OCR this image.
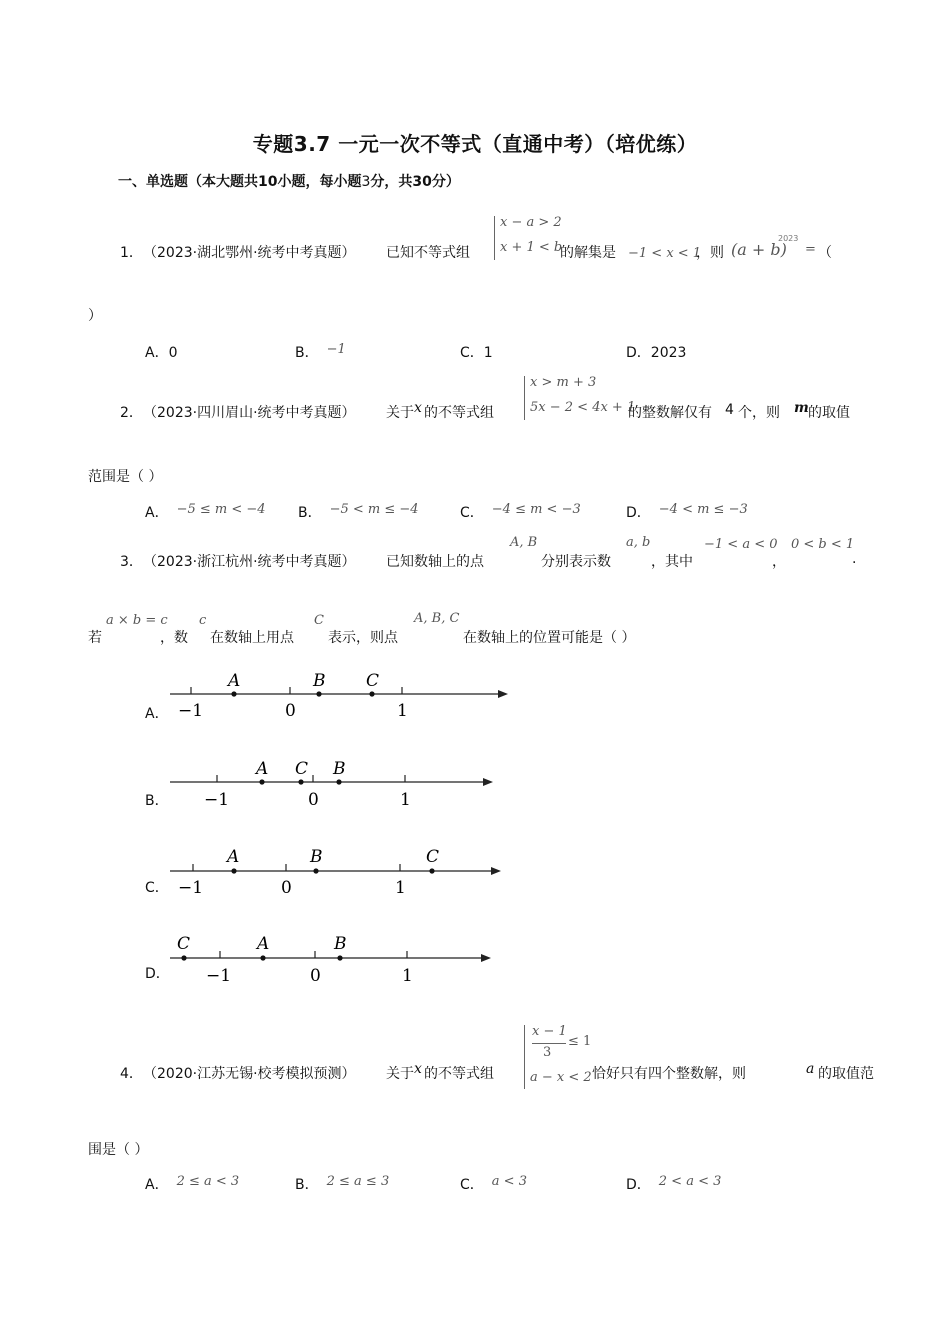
专题3.7 一元一次不等式（直通中考）（培优练）
一、单选题（本大题共10小题，每小题3分，共30分）
1． （2023·湖北鄂州·统考中考真题） 已知不等式组
x − a > 2
x + 1 < b
的解集是 −1 < x < 1
，则 (a + b)
2023
= （
）
A．0	B． −1	C．1	D．2023
2． （2023·四川眉山·统考中考真题） 关于 x 的不等式组
x > m + 3
5x − 2 < 4x + 1
的整数解仅有 4 个，则 m 的取值
范围是（ ）
A． −5 ≤ m < −4 B． −5 < m ≤ −4	C． −4 ≤ m < −3	D． −4 < m ≤ −3
3． （2023·浙江杭州·统考中考真题） 已知数轴上的点
A, B
分别表示数
a, b
，其中
−1 < a < 0
，
0 < b < 1
.
若
a × b = c
，数
c
在数轴上用点
C
表示，则点
A, B, C
在数轴上的位置可能是（ ）
A． −1	0	1
A	B C
B． −1	0	1
A C B
C． −1	0	1
A	B	C
D． −1	0	1
C	A	B
4． （2020·江苏无锡·校考模拟预测） 关于 x 的不等式组
x − 1
3
≤ 1
a − x < 2 恰好只有四个整数解，则	a 的取值范
围是（ ）
A． 2 ≤ a < 3	B． 2 ≤ a ≤ 3	C． a < 3	D． 2 < a < 3
